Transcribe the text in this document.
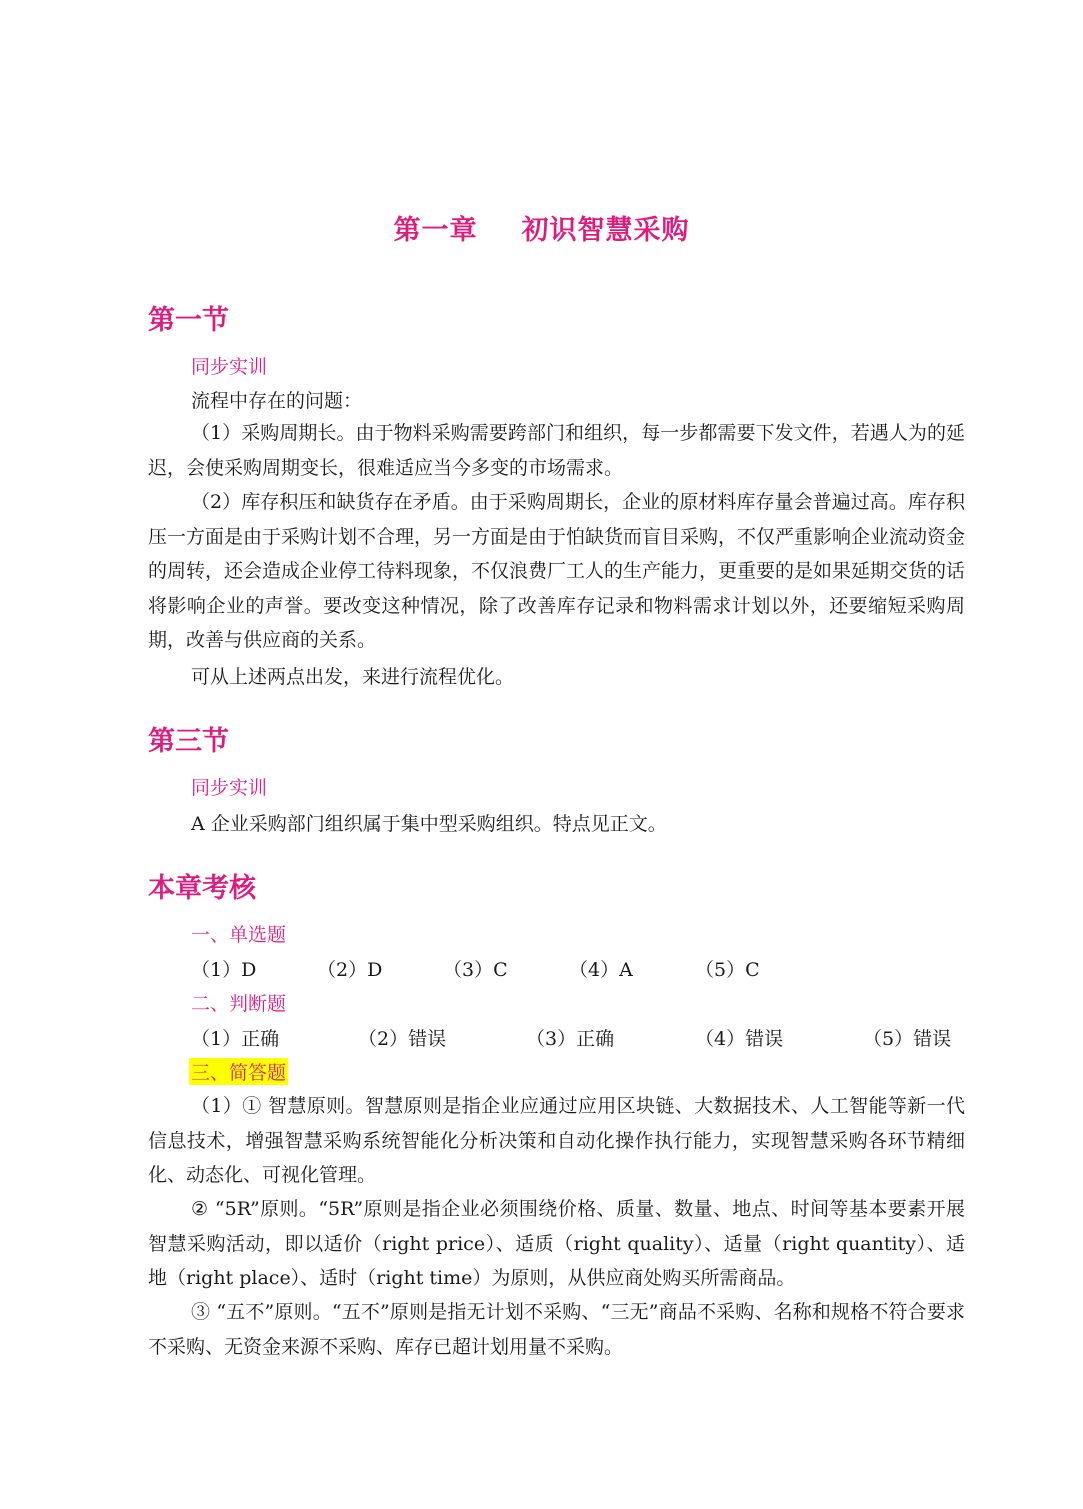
第一章 初识智慧采购
第一节
同步实训
流程中存在的问题：

（1）采购周期长。由于物料采购需要跨部门和组织，每一步都需要下发文件，若遇人为的延迟，会使采购周期变长，很难适应当今多变的市场需求。

（2）库存积压和缺货存在矛盾。由于采购周期长，企业的原材料库存量会普遍过高。库存积压一方面是由于采购计划不合理，另一方面是由于怕缺货而盲目采购，不仅严重影响企业流动资金的周转，还会造成企业停工待料现象，不仅浪费厂工人的生产能力，更重要的是如果延期交货的话将影响企业的声誉。要改变这种情况，除了改善库存记录和物料需求计划以外，还要缩短采购周期，改善与供应商的关系。

可从上述两点出发，来进行流程优化。
第三节
同步实训
A 企业采购部门组织属于集中型采购组织。特点见正文。
本章考核
一、单选题
（1）D	（2）D	（3）C	（4）A	（5）C
二、判断题
（1）正确	（2）错误	（3）正确	（4）错误	（5）错误
三、简答题

（1）① 智慧原则。智慧原则是指企业应通过应用区块链、大数据技术、人工智能等新一代信息技术，增强智慧采购系统智能化分析决策和自动化操作执行能力，实现智慧采购各环节精细化、动态化、可视化管理。

② “5R”原则。“5R”原则是指企业必须围绕价格、质量、数量、地点、时间等基本要素开展智慧采购活动，即以适价（right price）、适质（right quality）、适量（right quantity）、适地（right place）、适时（right time）为原则，从供应商处购买所需商品。

③ “五不”原则。“五不”原则是指无计划不采购、“三无”商品不采购、名称和规格不符合要求不采购、无资金来源不采购、库存已超计划用量不采购。
